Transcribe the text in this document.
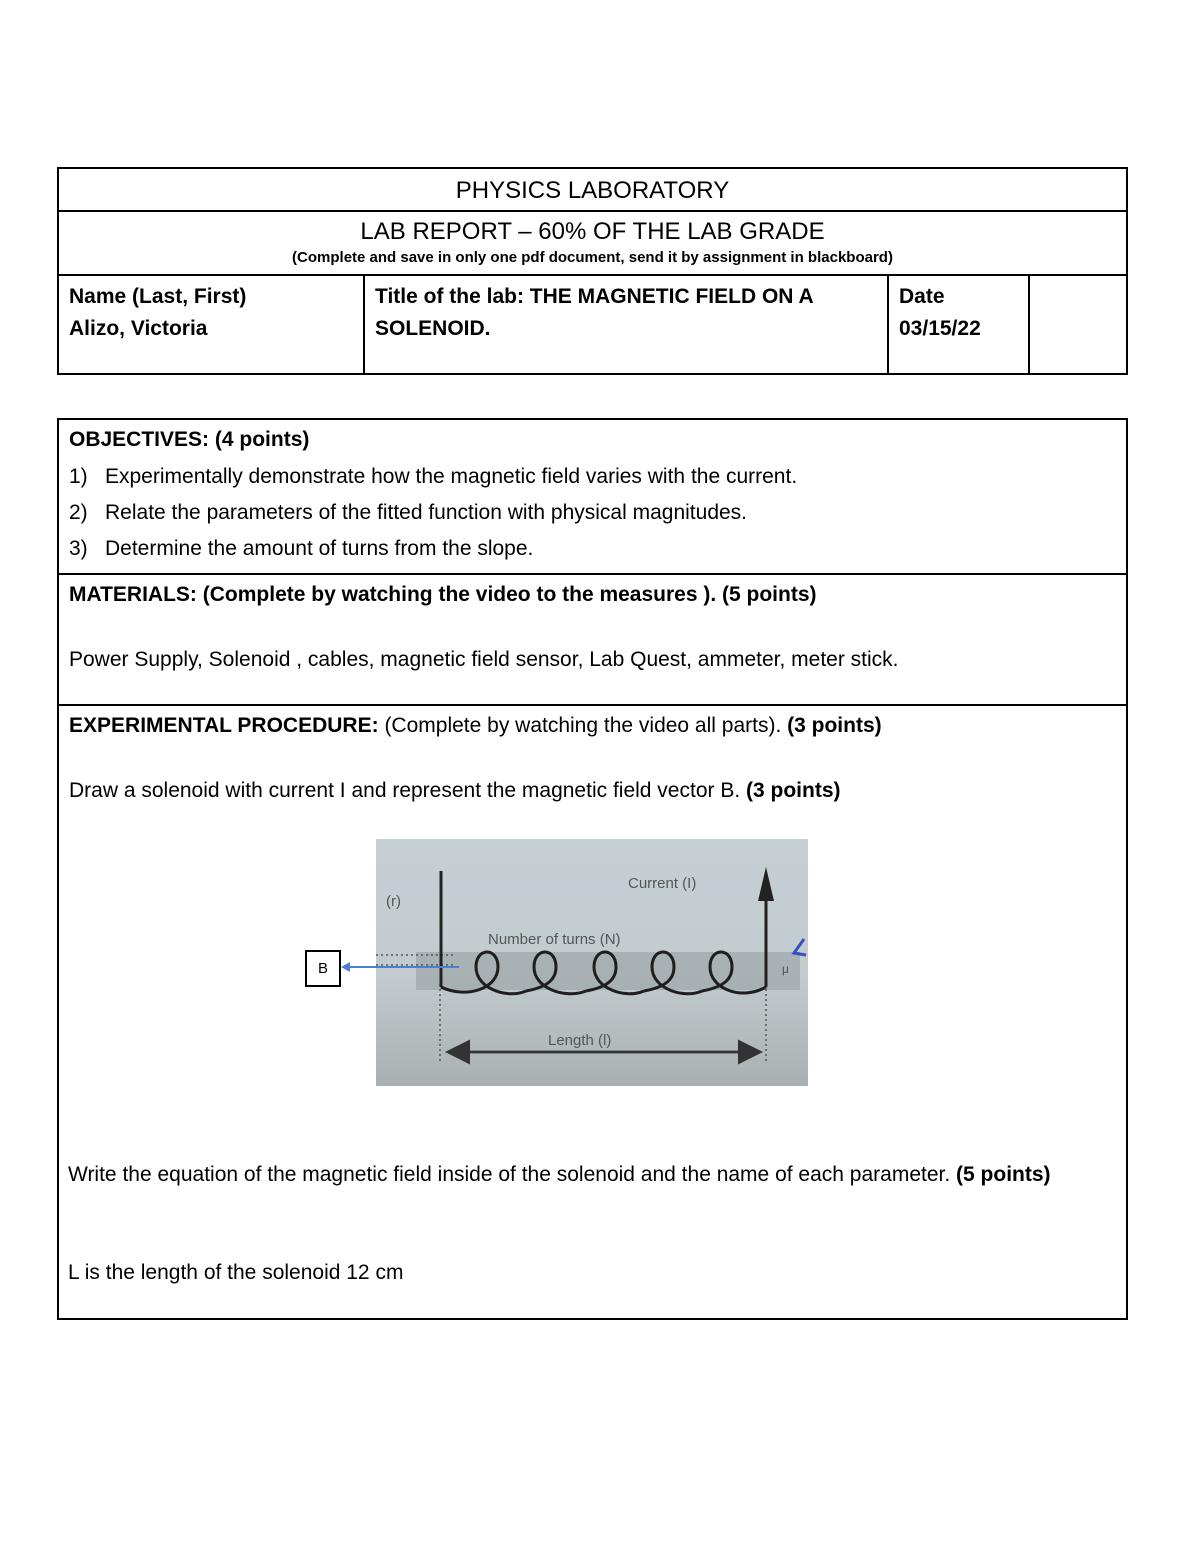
PHYSICS LABORATORY
LAB REPORT – 60% OF THE LAB GRADE
(Complete and save in only one pdf document, send it by assignment in blackboard)
Name (Last, First)
Alizo, Victoria
Title of the lab: THE MAGNETIC FIELD ON A SOLENOID.
Date
03/15/22
OBJECTIVES: (4 points)
1) Experimentally demonstrate how the magnetic field varies with the current.
2) Relate the parameters of the fitted function with physical magnitudes.
3) Determine the amount of turns from the slope.
MATERIALS: (Complete by watching the video to the measures ). (5 points)
Power Supply, Solenoid , cables, magnetic field sensor, Lab Quest, ammeter, meter stick.
EXPERIMENTAL PROCEDURE: (Complete by watching the video all parts). (3 points)
Draw a solenoid with current I and represent the magnetic field vector B. (3 points)
(r)
Current (I)
Number of turns (N)
Length (l)
μ
B
Write the equation of the magnetic field inside of the solenoid and the name of each parameter. (5 points)
L is the length of the solenoid 12 cm
